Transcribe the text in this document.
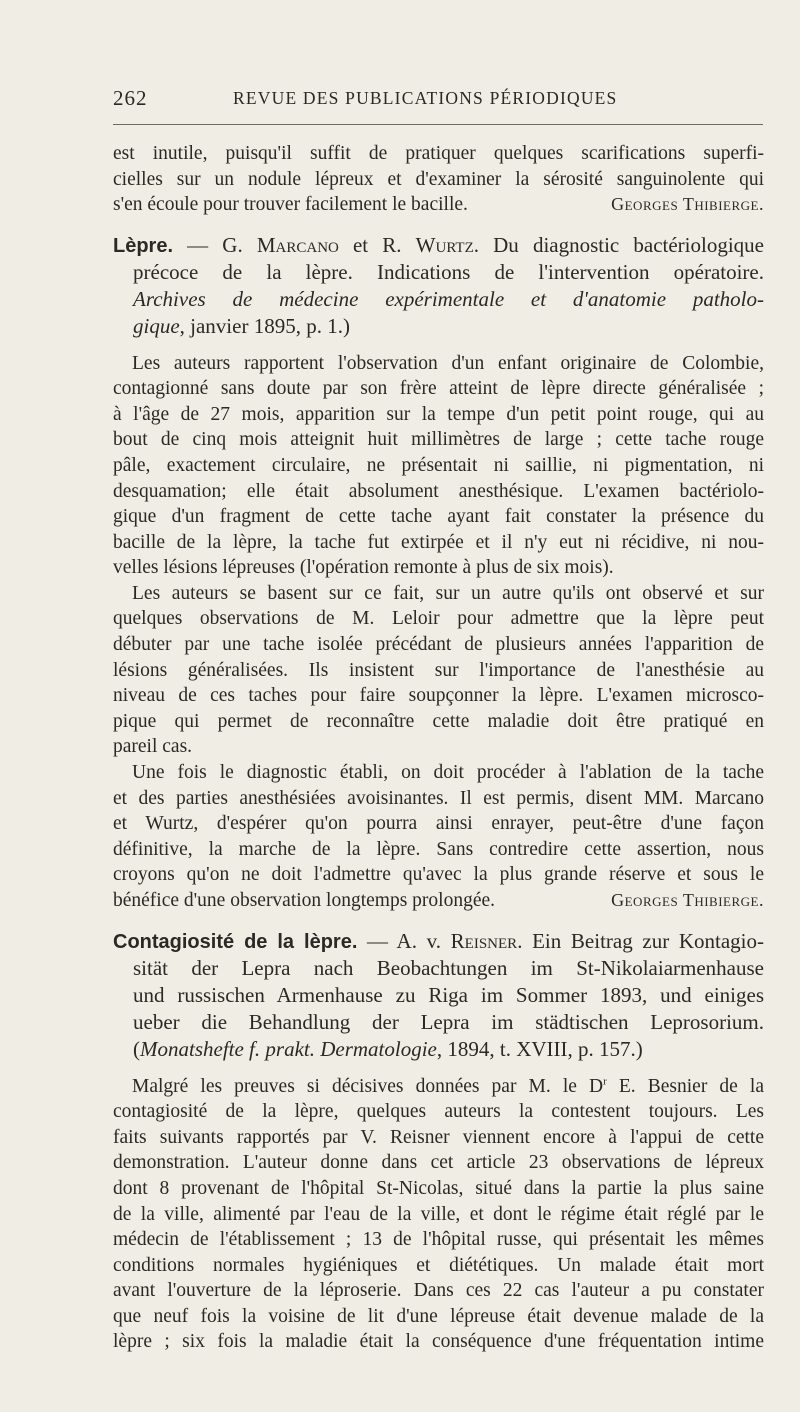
262	REVUE DES PUBLICATIONS PÉRIODIQUES
est inutile, puisqu'il suffit de pratiquer quelques scarifications superfi-
cielles sur un nodule lépreux et d'examiner la sérosité sanguinolente qui
s'en écoule pour trouver facilement le bacille.	Georges Thibierge.
Lèpre. — G. Marcano et R. Wurtz. Du diagnostic bactériologique
précoce de la lèpre. Indications de l'intervention opératoire.
Archives de médecine expérimentale et d'anatomie patholo-
gique, janvier 1895, p. 1.)
Les auteurs rapportent l'observation d'un enfant originaire de Colombie,
contagionné sans doute par son frère atteint de lèpre directe généralisée ;
à l'âge de 27 mois, apparition sur la tempe d'un petit point rouge, qui au
bout de cinq mois atteignit huit millimètres de large ; cette tache rouge
pâle, exactement circulaire, ne présentait ni saillie, ni pigmentation, ni
desquamation; elle était absolument anesthésique. L'examen bactériolo-
gique d'un fragment de cette tache ayant fait constater la présence du
bacille de la lèpre, la tache fut extirpée et il n'y eut ni récidive, ni nou-
velles lésions lépreuses (l'opération remonte à plus de six mois).
Les auteurs se basent sur ce fait, sur un autre qu'ils ont observé et sur
quelques observations de M. Leloir pour admettre que la lèpre peut
débuter par une tache isolée précédant de plusieurs années l'apparition de
lésions généralisées. Ils insistent sur l'importance de l'anesthésie au
niveau de ces taches pour faire soupçonner la lèpre. L'examen microsco-
pique qui permet de reconnaître cette maladie doit être pratiqué en
pareil cas.
Une fois le diagnostic établi, on doit procéder à l'ablation de la tache
et des parties anesthésiées avoisinantes. Il est permis, disent MM. Marcano
et Wurtz, d'espérer qu'on pourra ainsi enrayer, peut-être d'une façon
définitive, la marche de la lèpre. Sans contredire cette assertion, nous
croyons qu'on ne doit l'admettre qu'avec la plus grande réserve et sous le
bénéfice d'une observation longtemps prolongée.	Georges Thibierge.
Contagiosité de la lèpre. — A. v. Reisner. Ein Beitrag zur Kontagio-
sität der Lepra nach Beobachtungen im St-Nikolaiarmenhause
und russischen Armenhause zu Riga im Sommer 1893, und einiges
ueber die Behandlung der Lepra im städtischen Leprosorium.
(Monatshefte f. prakt. Dermatologie, 1894, t. XVIII, p. 157.)
Malgré les preuves si décisives données par M. le $D^r$ E. Besnier de la
contagiosité de la lèpre, quelques auteurs la contestent toujours. Les
faits suivants rapportés par V. Reisner viennent encore à l'appui de cette
demonstration. L'auteur donne dans cet article 23 observations de lépreux
dont 8 provenant de l'hôpital St-Nicolas, situé dans la partie la plus saine
de la ville, alimenté par l'eau de la ville, et dont le régime était réglé par le
médecin de l'établissement ; 13 de l'hôpital russe, qui présentait les mêmes
conditions normales hygiéniques et diététiques. Un malade était mort
avant l'ouverture de la léproserie. Dans ces 22 cas l'auteur a pu constater
que neuf fois la voisine de lit d'une lépreuse était devenue malade de la
lèpre ; six fois la maladie était la conséquence d'une fréquentation intime
